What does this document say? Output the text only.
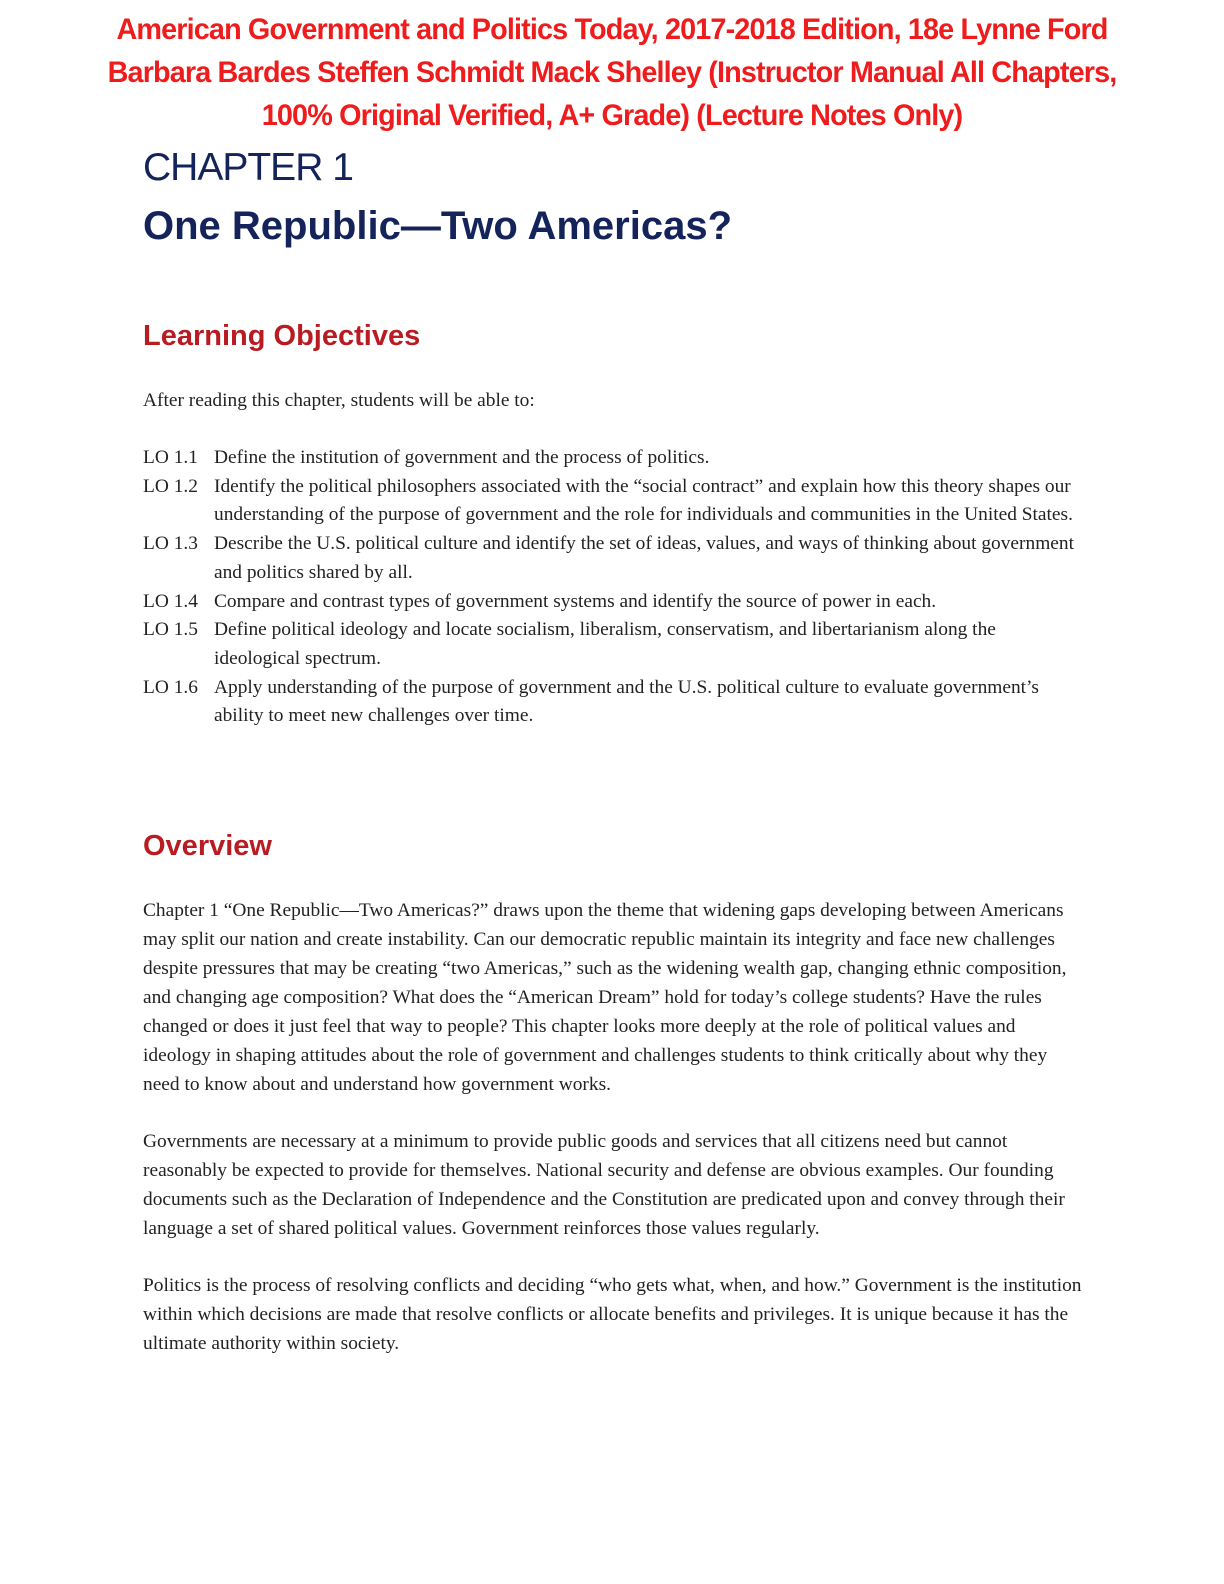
American Government and Politics Today, 2017-2018 Edition, 18e Lynne Ford
Barbara Bardes Steffen Schmidt Mack Shelley (Instructor Manual All Chapters,
100% Original Verified, A+ Grade) (Lecture Notes Only)
CHAPTER 1
One Republic—Two Americas?
Learning Objectives
After reading this chapter, students will be able to:
LO 1.1 Define the institution of government and the process of politics.
LO 1.2 Identify the political philosophers associated with the “social contract” and explain how this theory shapes our understanding of the purpose of government and the role for individuals and communities in the United States.
LO 1.3 Describe the U.S. political culture and identify the set of ideas, values, and ways of thinking about government and politics shared by all.
LO 1.4 Compare and contrast types of government systems and identify the source of power in each.
LO 1.5 Define political ideology and locate socialism, liberalism, conservatism, and libertarianism along the ideological spectrum.
LO 1.6 Apply understanding of the purpose of government and the U.S. political culture to evaluate government’s ability to meet new challenges over time.
Overview

Chapter 1 “One Republic—Two Americas?” draws upon the theme that widening gaps developing between Americans may split our nation and create instability. Can our democratic republic maintain its integrity and face new challenges despite pressures that may be creating “two Americas,” such as the widening wealth gap, changing ethnic composition, and changing age composition? What does the “American Dream” hold for today’s college students? Have the rules changed or does it just feel that way to people? This chapter looks more deeply at the role of political values and ideology in shaping attitudes about the role of government and challenges students to think critically about why they need to know about and understand how government works.

Governments are necessary at a minimum to provide public goods and services that all citizens need but cannot reasonably be expected to provide for themselves. National security and defense are obvious examples. Our founding documents such as the Declaration of Independence and the Constitution are predicated upon and convey through their language a set of shared political values. Government reinforces those values regularly.

Politics is the process of resolving conflicts and deciding “who gets what, when, and how.” Government is the institution within which decisions are made that resolve conflicts or allocate benefits and privileges. It is unique because it has the ultimate authority within society.
